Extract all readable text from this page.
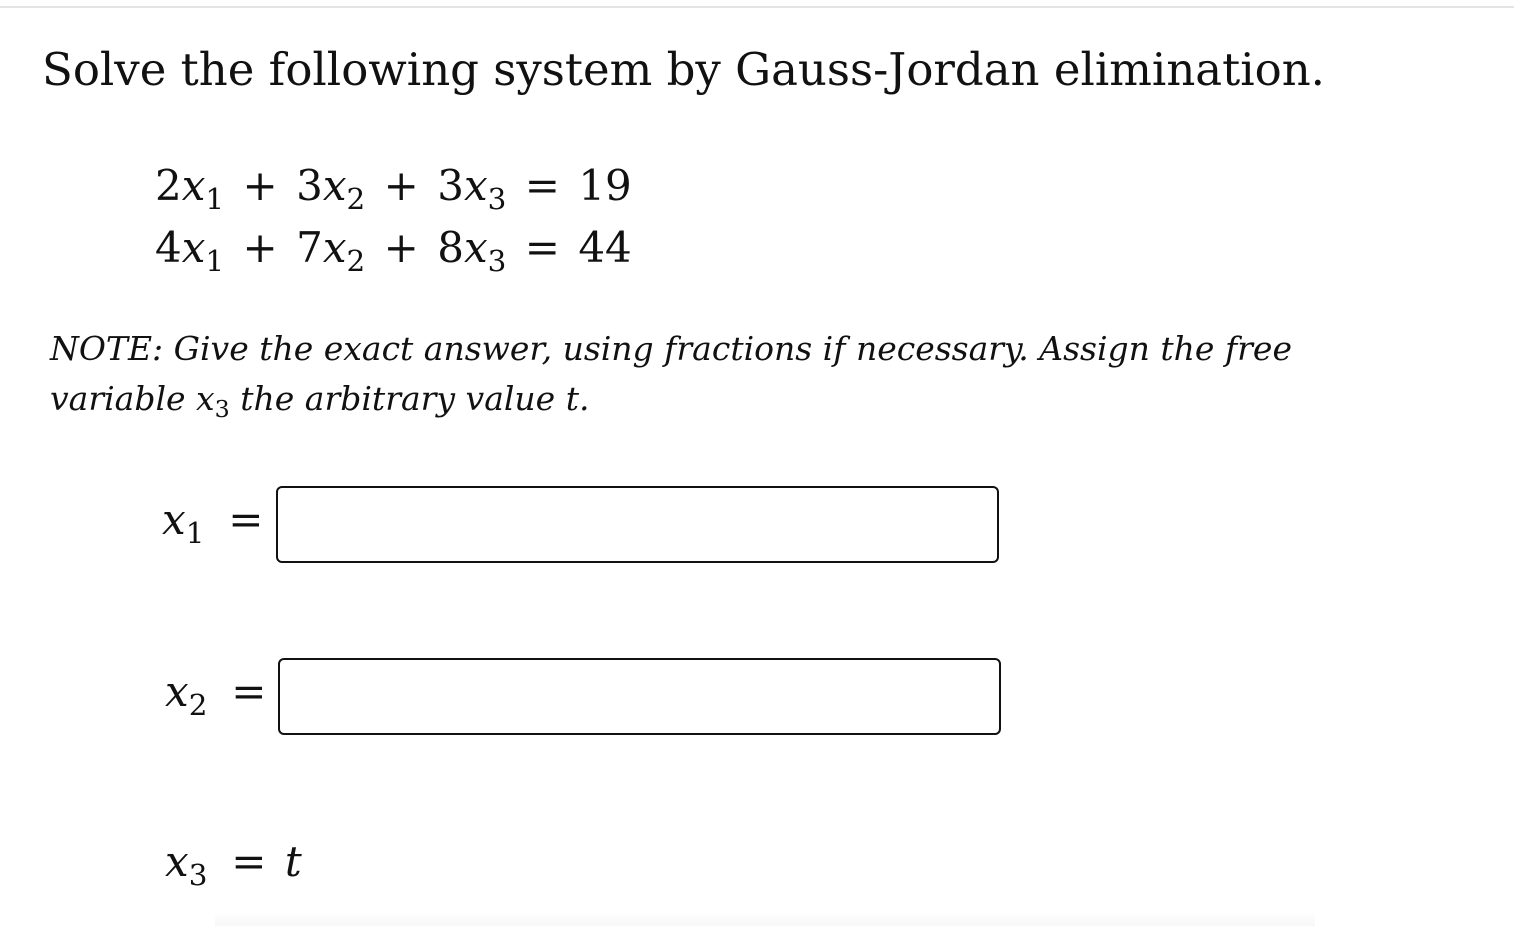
Solve the following system by Gauss-Jordan elimination.
$2x_1 + 3x_2 + 3x_3 = 19$
$4x_1 + 7x_2 + 8x_3 = 44$
NOTE: Give the exact answer, using fractions if necessary. Assign the free variable $x_3$ the arbitrary value t.
$x_1$ =
$x_2$ =
$x_3 = t$
